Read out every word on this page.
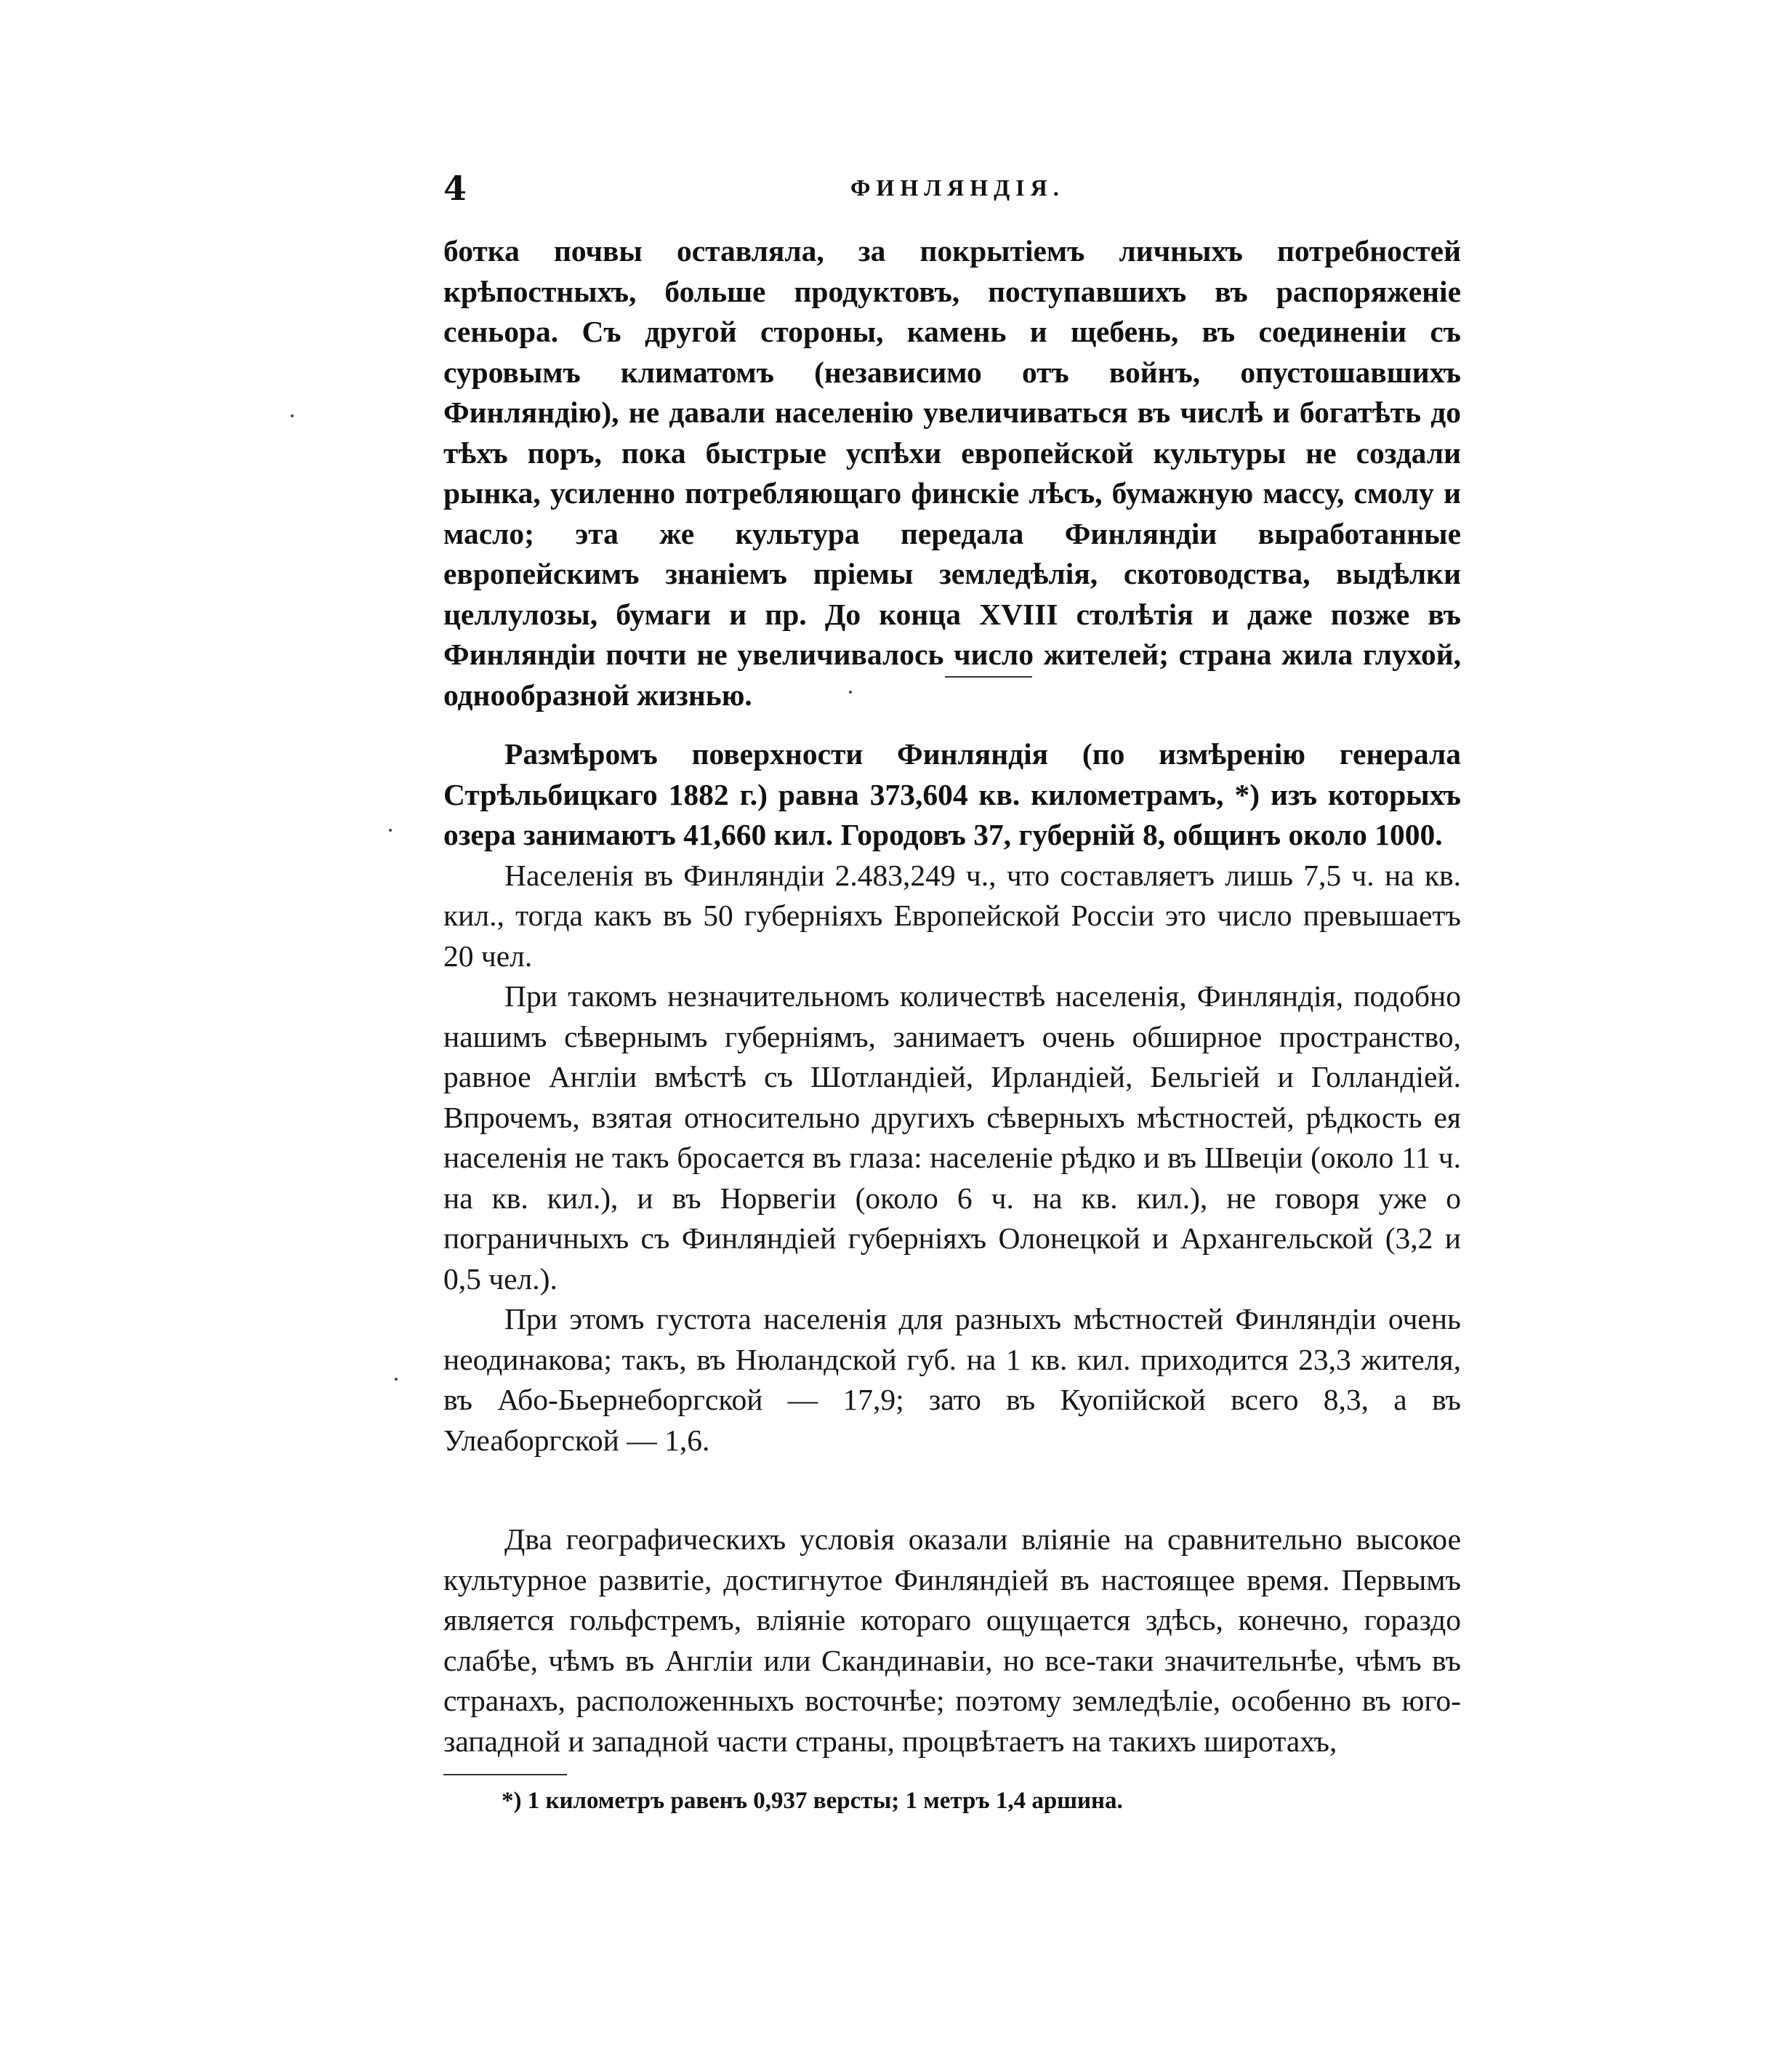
4	ФИНЛЯНДІЯ.

ботка почвы оставляла, за покрытіемъ личныхъ потребностей крѣпостныхъ, больше продуктовъ, поступавшихъ въ распоряженіе сеньора. Съ другой стороны, камень и щебень, въ соединеніи съ суровымъ климатомъ (независимо отъ войнъ, опустошавшихъ Финляндію), не давали населенію увеличиваться въ числѣ и богатѣть до тѣхъ поръ, пока быстрые успѣхи европейской культуры не создали рынка, усиленно потребляющаго финскіе лѣсъ, бумажную массу, смолу и масло; эта же культура передала Финляндіи выработанные европейскимъ знаніемъ пріемы земледѣлія, скотоводства, выдѣлки целлулозы, бумаги и пр. До конца XVIII столѣтія и даже позже въ Финляндіи почти не увеличивалось число жителей; страна жила глухой, однообразной жизнью.

Размѣромъ поверхности Финляндія (по измѣренію генерала Стрѣльбицкаго 1882 г.) равна 373,604 кв. километрамъ, *) изъ которыхъ озера занимаютъ 41,660 кил. Городовъ 37, губерній 8, общинъ около 1000.

Населенія въ Финляндіи 2.483,249 ч., что составляетъ лишь 7,5 ч. на кв. кил., тогда какъ въ 50 губерніяхъ Европейской Россіи это число превышаетъ 20 чел.

При такомъ незначительномъ количествѣ населенія, Финляндія, подобно нашимъ сѣвернымъ губерніямъ, занимаетъ очень обширное пространство, равное Англіи вмѣстѣ съ Шотландіей, Ирландіей, Бельгіей и Голландіей. Впрочемъ, взятая относительно другихъ сѣверныхъ мѣстностей, рѣдкость ея населенія не такъ бросается въ глаза: населеніе рѣдко и въ Швеціи (около 11 ч. на кв. кил.), и въ Норвегіи (около 6 ч. на кв. кил.), не говоря уже о пограничныхъ съ Финляндіей губерніяхъ Олонецкой и Архангельской (3,2 и 0,5 чел.).

При этомъ густота населенія для разныхъ мѣстностей Финляндіи очень неодинакова; такъ, въ Нюландской губ. на 1 кв. кил. приходится 23,3 жителя, въ Або-Бьернеборгской — 17,9; зато въ Куопійской всего 8,3, а въ Улеаборгской — 1,6.

Два географическихъ условія оказали вліяніе на сравнительно высокое культурное развитіе, достигнутое Финляндіей въ настоящее время. Первымъ является гольфстремъ, вліяніе котораго ощущается здѣсь, конечно, гораздо слабѣе, чѣмъ въ Англіи или Скандинавіи, но все-таки значительнѣе, чѣмъ въ странахъ, расположенныхъ восточнѣе; поэтому земледѣліе, особенно въ юго-западной и западной части страны, процвѣтаетъ на такихъ широтахъ,

*) 1 километръ равенъ 0,937 версты; 1 метръ 1,4 аршина.
